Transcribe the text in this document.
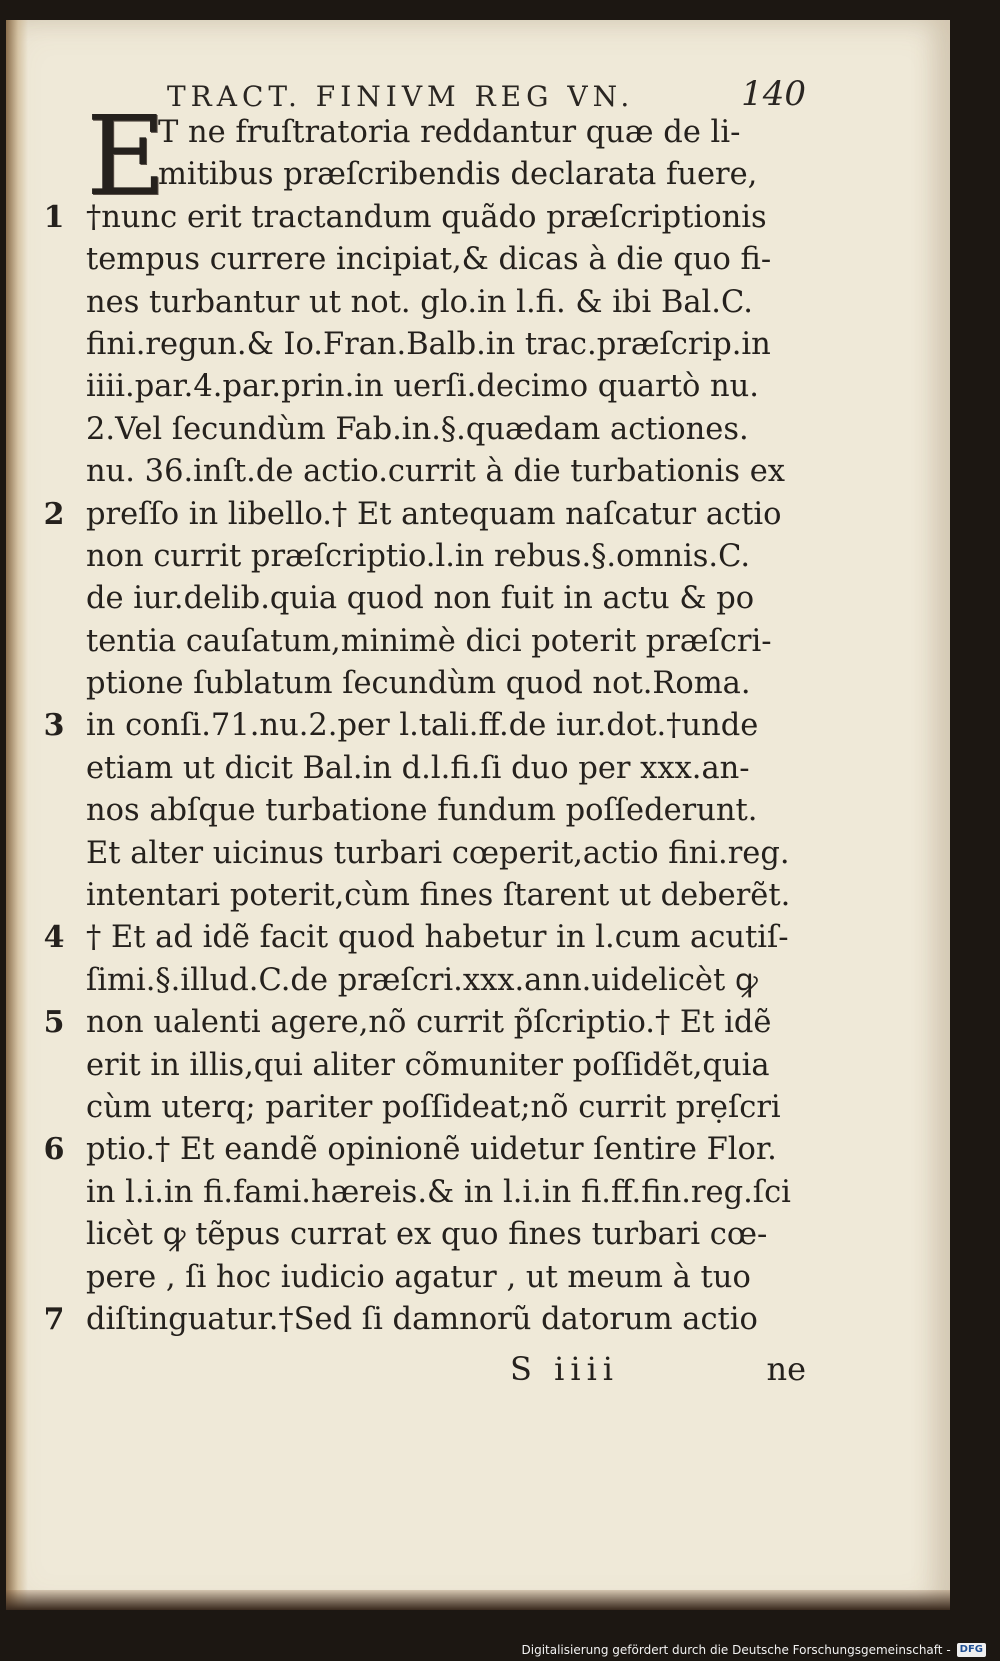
TRACT. FINIVM REG VN.	140
E
T ne fruſtratoria reddantur quæ de li-
mitibus præſcribendis declarata fuere,
1 †nunc erit tractandum quãdo præſcriptionis
tempus currere incipiat,& dicas à die quo fi-
nes turbantur ut not. glo.in l.fi. & ibi Bal.C.
fini.regun.& Io.Fran.Balb.in trac.præſcrip.in
iiii.par.4.par.prin.in uerſi.decimo quartò nu.
2.Vel ſecundùm Fab.in.§.quædam actiones.
nu. 36.inſt.de actio.currit à die turbationis ex
2 preſſo in libello.† Et antequam naſcatur actio
non currit præſcriptio.l.in rebus.§.omnis.C.
de iur.delib.quia quod non fuit in actu & po
tentia cauſatum,minimè dici poterit præſcri-
ptione ſublatum ſecundùm quod not.Roma.
3 in conſi.71.nu.2.per l.tali.ff.de iur.dot.†unde
etiam ut dicit Bal.in d.l.fi.ſi duo per xxx.an-
nos abſque turbatione fundum poſſederunt.
Et alter uicinus turbari cœperit,actio fini.reg.
intentari poterit,cùm fines ſtarent ut deberẽt.
4 † Et ad idẽ facit quod habetur in l.cum acutiſ-
ſimi.§.illud.C.de præſcri.xxx.ann.uidelicèt ꝙ
5 non ualenti agere,nõ currit p̃ſcriptio.† Et idẽ
erit in illis,qui aliter cõmuniter poſſidẽt,quia
cùm uterq; pariter poſſideat;nõ currit prẹſcri
6 ptio.† Et eandẽ opinionẽ uidetur ſentire Flor.
in l.i.in fi.fami.hæreis.& in l.i.in fi.ff.fin.reg.ſci
licèt ꝙ tẽpus currat ex quo fines turbari cœ-
pere , ſi hoc iudicio agatur , ut meum à tuo
7 diſtinguatur.†Sed ſi damnorũ datorum actio
S iiii	ne
Digitalisierung gefördert durch die Deutsche Forschungsgemeinschaft - DFG
